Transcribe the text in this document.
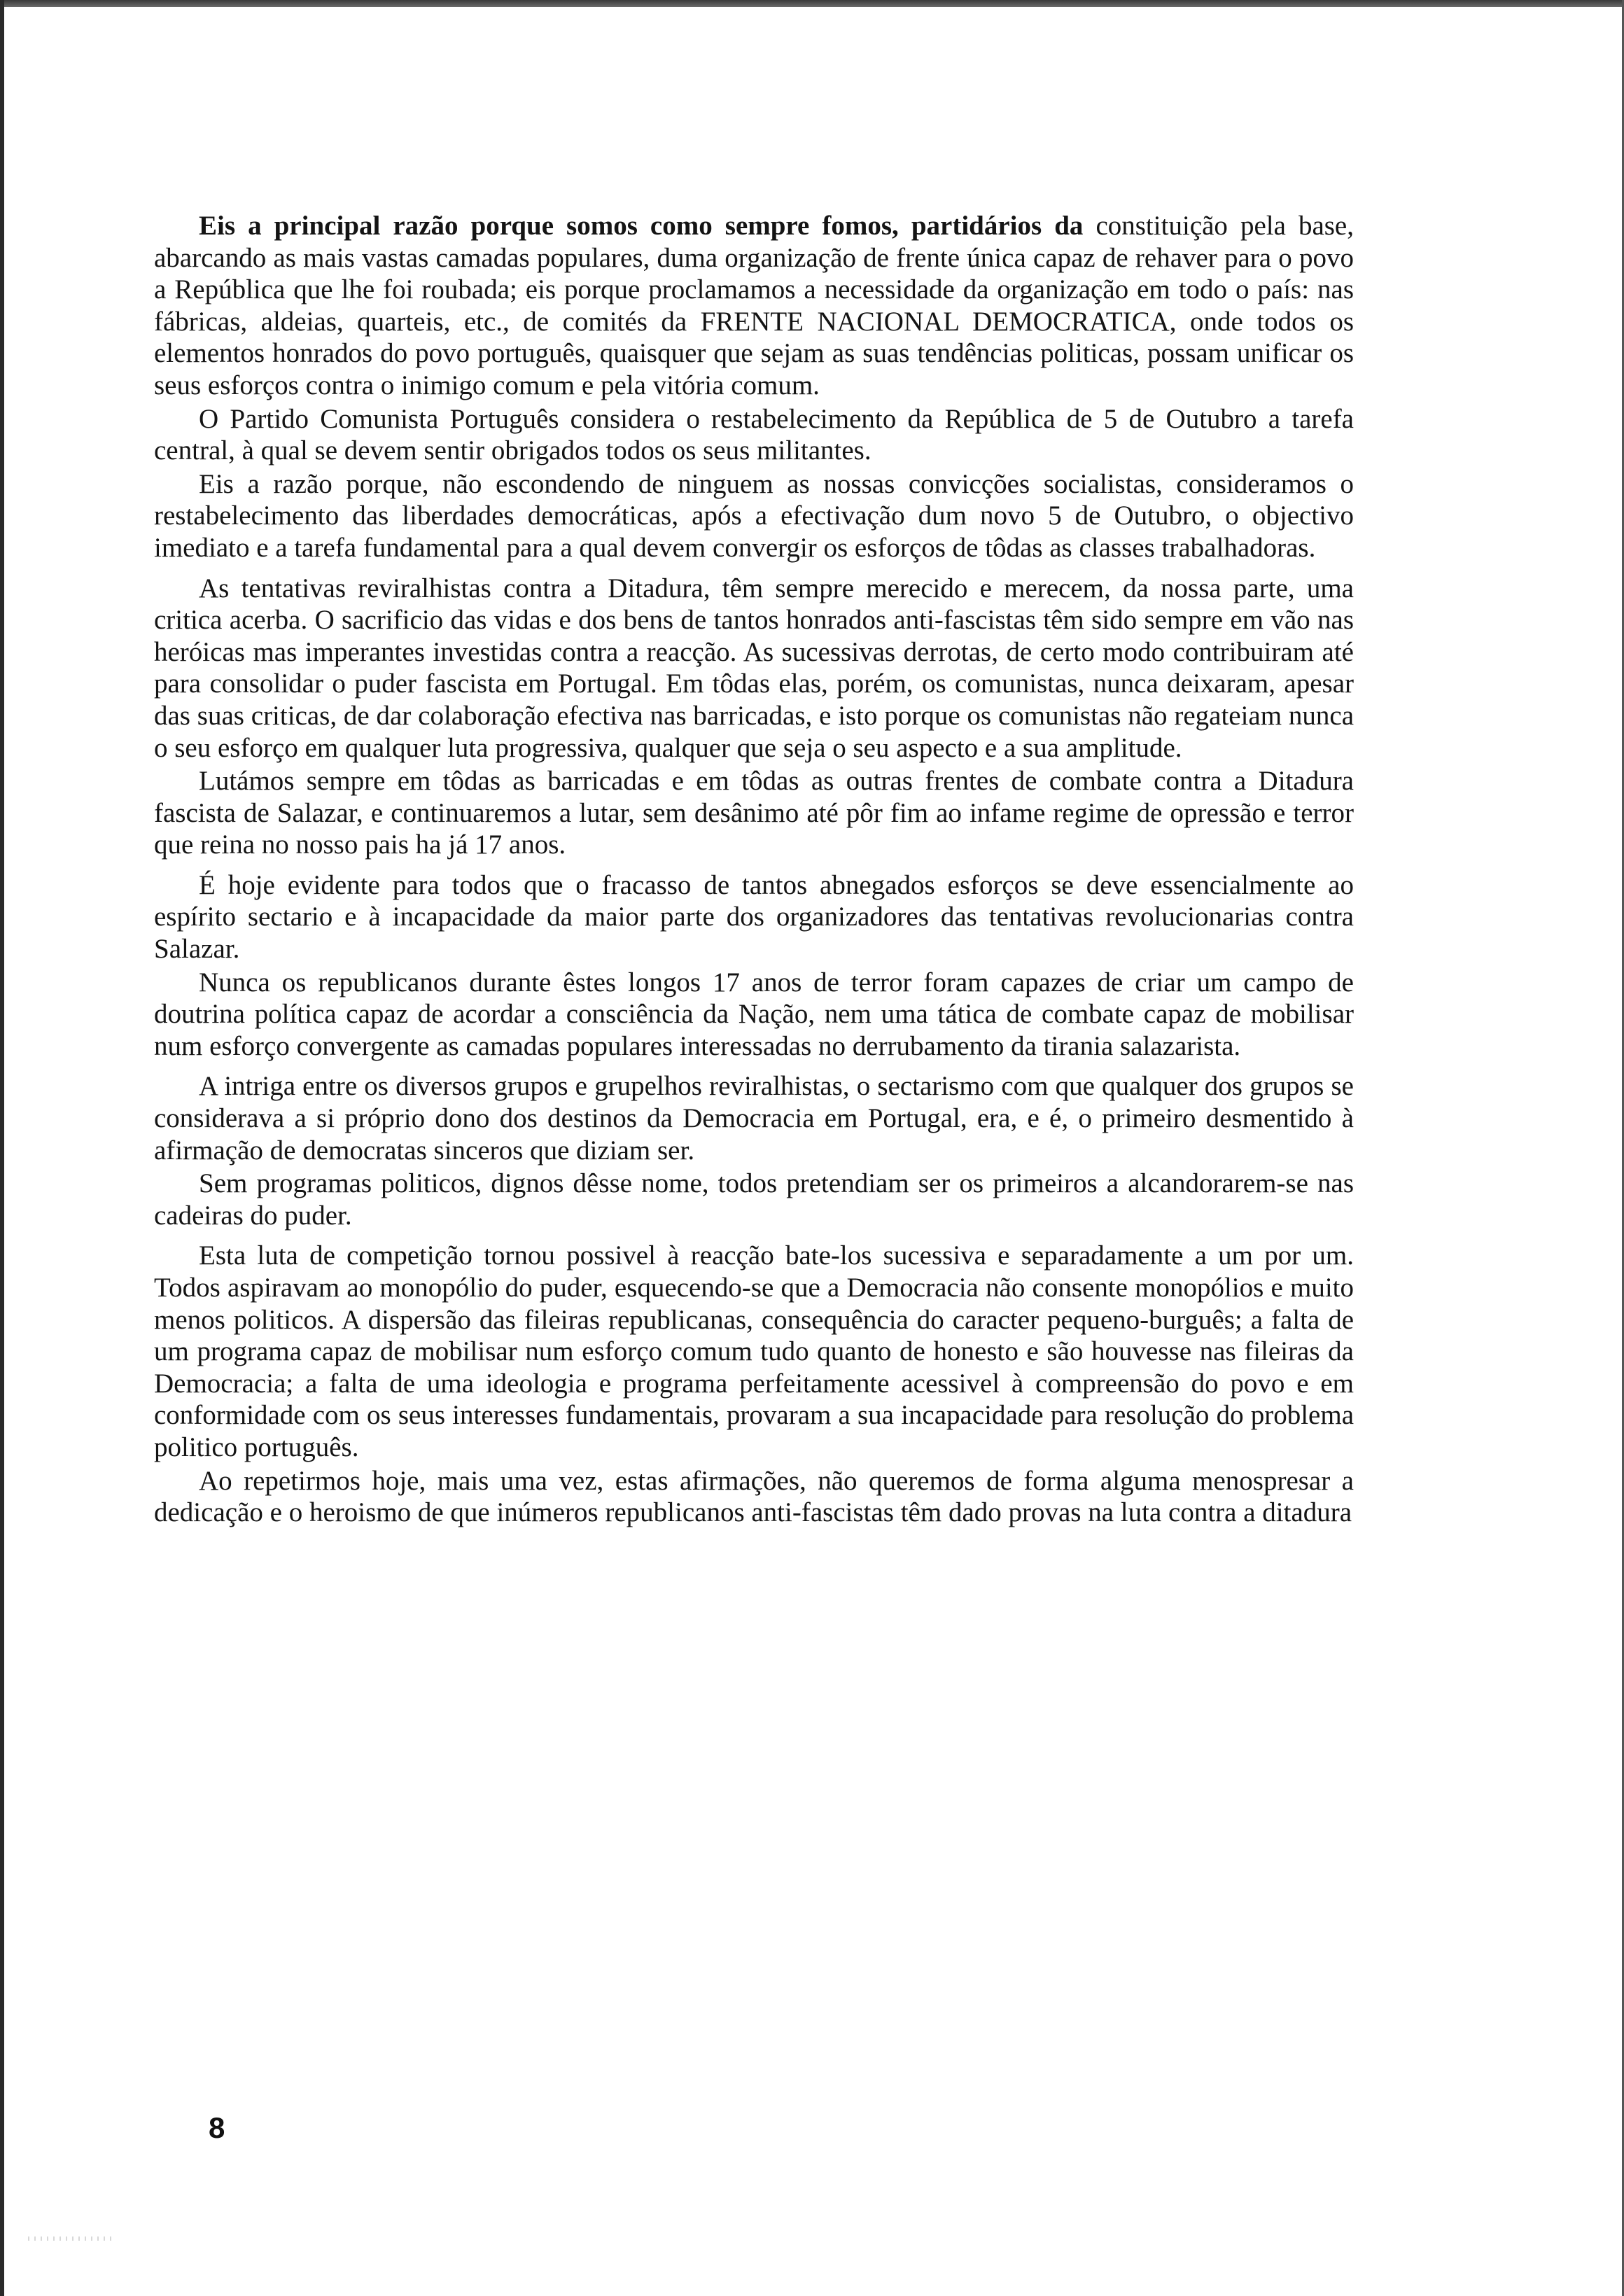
Eis a principal razão porque somos como sempre fomos, partidários da constituição pela base, abarcando as mais vastas camadas populares, duma organização de frente única capaz de rehaver para o povo a República que lhe foi roubada; eis porque proclamamos a necessidade da organização em todo o país: nas fábricas, aldeias, quarteis, etc., de comités da FRENTE NACIONAL DEMOCRATICA, onde todos os elementos honrados do povo português, quaisquer que sejam as suas tendências politicas, possam unificar os seus esforços contra o inimigo comum e pela vitória comum.

O Partido Comunista Português considera o restabelecimento da República de 5 de Outubro a tarefa central, à qual se devem sentir obrigados todos os seus militantes.

Eis a razão porque, não escondendo de ninguem as nossas convicções socialistas, consideramos o restabelecimento das liberdades democráticas, após a efectivação dum novo 5 de Outubro, o objectivo imediato e a tarefa fundamental para a qual devem convergir os esforços de tôdas as classes trabalhadoras.

As tentativas reviralhistas contra a Ditadura, têm sempre merecido e merecem, da nossa parte, uma critica acerba. O sacrificio das vidas e dos bens de tantos honrados anti-fascistas têm sido sempre em vão nas heróicas mas imperantes investidas contra a reacção. As sucessivas derrotas, de certo modo contribuiram até para consolidar o puder fascista em Portugal. Em tôdas elas, porém, os comunistas, nunca deixaram, apesar das suas criticas, de dar colaboração efectiva nas barricadas, e isto porque os comunistas não regateiam nunca o seu esforço em qualquer luta progressiva, qualquer que seja o seu aspecto e a sua amplitude.

Lutámos sempre em tôdas as barricadas e em tôdas as outras frentes de combate contra a Ditadura fascista de Salazar, e continuaremos a lutar, sem desânimo até pôr fim ao infame regime de opressão e terror que reina no nosso pais ha já 17 anos.

É hoje evidente para todos que o fracasso de tantos abnegados esforços se deve essencialmente ao espírito sectario e à incapacidade da maior parte dos organizadores das tentativas revolucionarias contra Salazar.

Nunca os republicanos durante êstes longos 17 anos de terror foram capazes de criar um campo de doutrina política capaz de acordar a consciência da Nação, nem uma tática de combate capaz de mobilisar num esforço convergente as camadas populares interessadas no derrubamento da tirania salazarista.

A intriga entre os diversos grupos e grupelhos reviralhistas, o sectarismo com que qualquer dos grupos se considerava a si próprio dono dos destinos da Democracia em Portugal, era, e é, o primeiro desmentido à afirmação de democratas sinceros que diziam ser.

Sem programas politicos, dignos dêsse nome, todos pretendiam ser os primeiros a alcandorarem-se nas cadeiras do puder.

Esta luta de competição tornou possivel à reacção bate-los sucessiva e separadamente a um por um. Todos aspiravam ao monopólio do puder, esquecendo-se que a Democracia não consente monopólios e muito menos politicos. A dispersão das fileiras republicanas, consequência do caracter pequeno-burguês; a falta de um programa capaz de mobilisar num esforço comum tudo quanto de honesto e são houvesse nas fileiras da Democracia; a falta de uma ideologia e programa perfeitamente acessivel à compreensão do povo e em conformidade com os seus interesses fundamentais, provaram a sua incapacidade para resolução do problema politico português.

Ao repetirmos hoje, mais uma vez, estas afirmações, não queremos de forma alguma menospresar a dedicação e o heroismo de que inúmeros republicanos anti-fascistas têm dado provas na luta contra a ditadura

8
